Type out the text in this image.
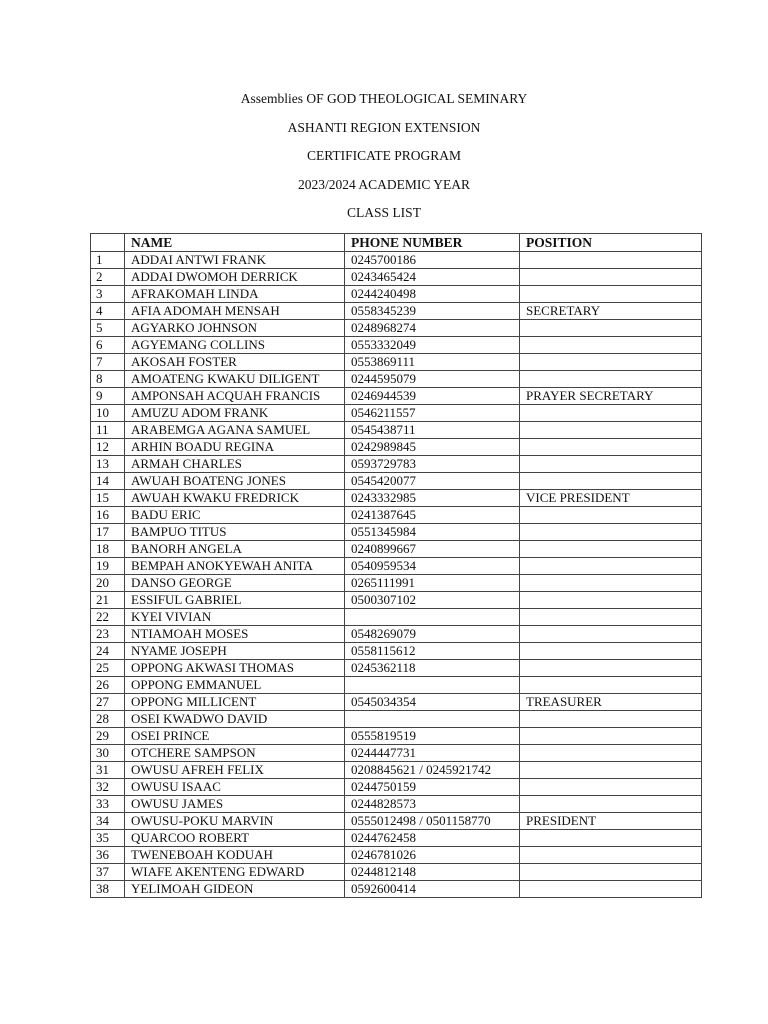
Assemblies OF GOD THEOLOGICAL SEMINARY
ASHANTI REGION EXTENSION
CERTIFICATE PROGRAM
2023/2024 ACADEMIC YEAR
CLASS LIST
	NAME	PHONE NUMBER	POSITION
1	ADDAI ANTWI FRANK	0245700186	
2	ADDAI DWOMOH DERRICK	0243465424	
3	AFRAKOMAH LINDA	0244240498	
4	AFIA ADOMAH MENSAH	0558345239	SECRETARY
5	AGYARKO JOHNSON	0248968274	
6	AGYEMANG COLLINS	0553332049	
7	AKOSAH FOSTER	0553869111	
8	AMOATENG KWAKU DILIGENT	0244595079	
9	AMPONSAH ACQUAH FRANCIS	0246944539	PRAYER SECRETARY
10	AMUZU ADOM FRANK	0546211557	
11	ARABEMGA AGANA SAMUEL	0545438711	
12	ARHIN BOADU REGINA	0242989845	
13	ARMAH CHARLES	0593729783	
14	AWUAH BOATENG JONES	0545420077	
15	AWUAH KWAKU FREDRICK	0243332985	VICE PRESIDENT
16	BADU ERIC	0241387645	
17	BAMPUO TITUS	0551345984	
18	BANORH ANGELA	0240899667	
19	BEMPAH ANOKYEWAH ANITA	0540959534	
20	DANSO GEORGE	0265111991	
21	ESSIFUL GABRIEL	0500307102	
22	KYEI VIVIAN		
23	NTIAMOAH MOSES	0548269079	
24	NYAME JOSEPH	0558115612	
25	OPPONG AKWASI THOMAS	0245362118	
26	OPPONG EMMANUEL		
27	OPPONG MILLICENT	0545034354	TREASURER
28	OSEI KWADWO DAVID		
29	OSEI PRINCE	0555819519	
30	OTCHERE SAMPSON	0244447731	
31	OWUSU AFREH FELIX	0208845621 / 0245921742	
32	OWUSU ISAAC	0244750159	
33	OWUSU JAMES	0244828573	
34	OWUSU-POKU MARVIN	0555012498 / 0501158770	PRESIDENT
35	QUARCOO ROBERT	0244762458	
36	TWENEBOAH KODUAH	0246781026	
37	WIAFE AKENTENG EDWARD	0244812148	
38	YELIMOAH GIDEON	0592600414	
